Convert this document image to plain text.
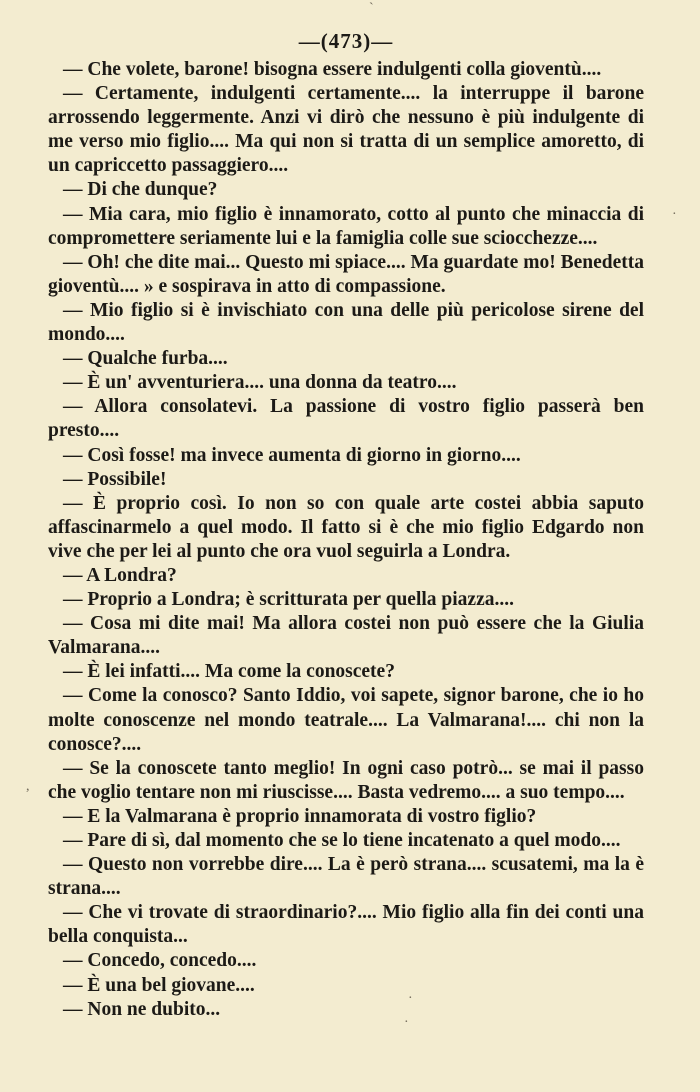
—(473)—

— Che volete, barone! bisogna essere indulgenti colla gioventù....

— Certamente, indulgenti certamente.... la interruppe il barone arrossendo leggermente. Anzi vi dirò che nessuno è più indulgente di me verso mio figlio.... Ma qui non si tratta di un semplice amoretto, di un capriccetto passaggiero....

— Di che dunque?

— Mia cara, mio figlio è innamorato, cotto al punto che minaccia di compromettere seriamente lui e la famiglia colle sue sciocchezze....

— Oh! che dite mai... Questo mi spiace.... Ma guardate mo! Benedetta gioventù.... » e sospirava in atto di compassione.

— Mio figlio si è invischiato con una delle più pericolose sirene del mondo....

— Qualche furba....

— È un' avventuriera.... una donna da teatro....

— Allora consolatevi. La passione di vostro figlio passerà ben presto....

— Così fosse! ma invece aumenta di giorno in giorno....

— Possibile!

— È proprio così. Io non so con quale arte costei abbia saputo affascinarmelo a quel modo. Il fatto si è che mio figlio Edgardo non vive che per lei al punto che ora vuol seguirla a Londra.

— A Londra?

— Proprio a Londra; è scritturata per quella piazza....

— Cosa mi dite mai! Ma allora costei non può essere che la Giulia Valmarana....

— È lei infatti.... Ma come la conoscete?

— Come la conosco? Santo Iddio, voi sapete, signor barone, che io ho molte conoscenze nel mondo teatrale.... La Valmarana!.... chi non la conosce?....

— Se la conoscete tanto meglio! In ogni caso potrò... se mai il passo che voglio tentare non mi riuscisse.... Basta vedremo.... a suo tempo....

— E la Valmarana è proprio innamorata di vostro figlio?

— Pare di sì, dal momento che se lo tiene incatenato a quel modo....

— Questo non vorrebbe dire.... La è però strana.... scusatemi, ma la è strana....

— Che vi trovate di straordinario?.... Mio figlio alla fin dei conti una bella conquista...

— Concedo, concedo....

— È una bel giovane....

— Non ne dubito...

ˋ
·
,
·
·
